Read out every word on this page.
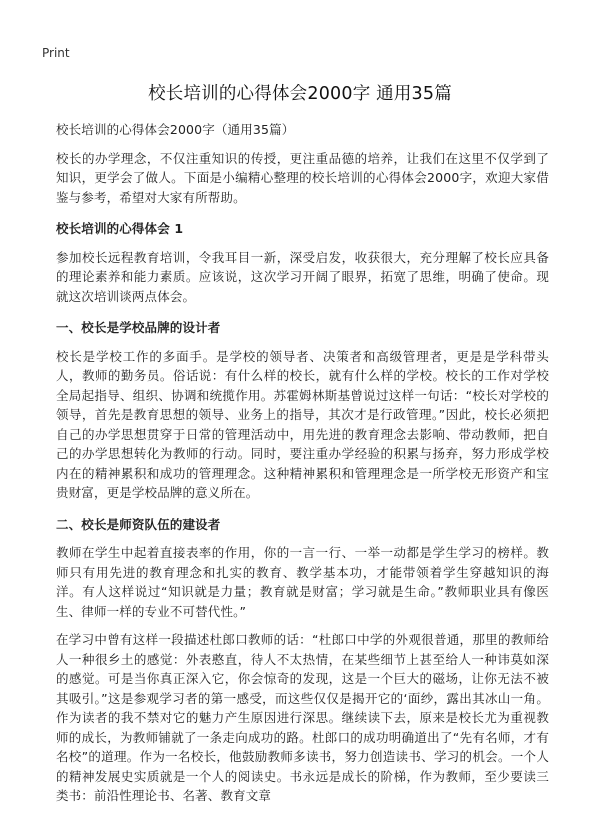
Print
校长培训的心得体会2000字 通用35篇

校长培训的心得体会2000字（通用35篇）

校长的办学理念，不仅注重知识的传授，更注重品德的培养，让我们在这里不仅学到了知识，更学会了做人。下面是小编精心整理的校长培训的心得体会2000字，欢迎大家借鉴与参考，希望对大家有所帮助。

校长培训的心得体会 1

参加校长远程教育培训，令我耳目一新，深受启发，收获很大，充分理解了校长应具备的理论素养和能力素质。应该说，这次学习开阔了眼界，拓宽了思维，明确了使命。现就这次培训谈两点体会。

一、校长是学校品牌的设计者

校长是学校工作的多面手。是学校的领导者、决策者和高级管理者，更是是学科带头人，教师的勤务员。俗话说：有什么样的校长，就有什么样的学校。校长的工作对学校全局起指导、组织、协调和统揽作用。苏霍姆林斯基曾说过这样一句话：“校长对学校的领导，首先是教育思想的领导、业务上的指导，其次才是行政管理。”因此，校长必须把自己的办学思想贯穿于日常的管理活动中，用先进的教育理念去影响、带动教师，把自己的办学思想转化为教师的行动。同时，要注重办学经验的积累与扬弃，努力形成学校内在的精神累积和成功的管理理念。这种精神累积和管理理念是一所学校无形资产和宝贵财富，更是学校品牌的意义所在。

二、校长是师资队伍的建设者

教师在学生中起着直接表率的作用，你的一言一行、一举一动都是学生学习的榜样。教师只有用先进的教育理念和扎实的教育、教学基本功，才能带领着学生穿越知识的海洋。有人这样说过“知识就是力量；教育就是财富；学习就是生命。”教师职业具有像医生、律师一样的专业不可替代性。”

在学习中曾有这样一段描述杜郎口教师的话：“杜郎口中学的外观很普通，那里的教师给人一种很乡土的感觉：外表憨直，待人不太热情，在某些细节上甚至给人一种讳莫如深的感觉。可是当你真正深入它，你会惊奇的发现，这是一个巨大的磁场，让你无法不被其吸引。”这是参观学习者的第一感受，而这些仅仅是揭开它的‘面纱，露出其冰山一角。作为读者的我不禁对它的魅力产生原因进行深思。继续读下去，原来是校长尤为重视教师的成长，为教师铺就了一条走向成功的路。杜郎口的成功明确道出了“先有名师，才有名校”的道理。作为一名校长，他鼓励教师多读书，努力创造读书、学习的机会。一个人的精神发展史实质就是一个人的阅读史。书永远是成长的阶梯，作为教师，至少要读三类书：前沿性理论书、名著、教育文章
